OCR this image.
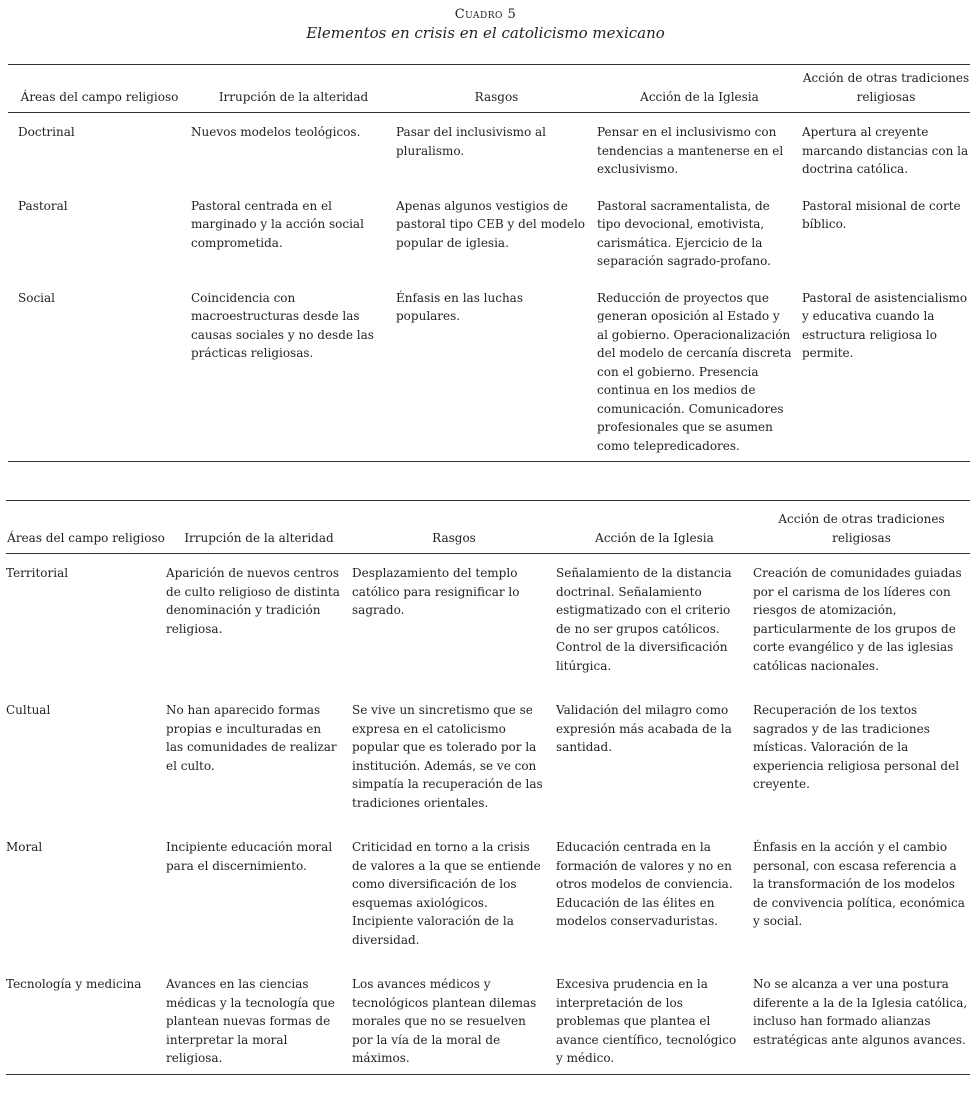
Cuadro 5
Elementos en crisis en el catolicismo mexicano
Áreas del campo religioso	Irrupción de la alteridad	Rasgos	Acción de la Iglesia	Acción de otras tradiciones religiosas
Doctrinal	Nuevos modelos teológicos.	Pasar del inclusivismo al pluralismo.	Pensar en el inclusivismo con tendencias a mantenerse en el exclusivismo.	Apertura al creyente marcando distancias con la doctrina católica.
Pastoral	Pastoral centrada en el marginado y la acción social comprometida.	Apenas algunos vestigios de pastoral tipo CEB y del modelo popular de iglesia.	Pastoral sacramentalista, de tipo devocional, emotivista, carismática. Ejercicio de la separación sagrado-profano.	Pastoral misional de corte bíblico.
Social	Coincidencia con macroestructuras desde las causas sociales y no desde las prácticas religiosas.	Énfasis en las luchas populares.	Reducción de proyectos que generan oposición al Estado y al gobierno. Operacionalización del modelo de cercanía discreta con el gobierno. Presencia continua en los medios de comunicación. Comunicadores profesionales que se asumen como telepredicadores.	Pastoral de asistencialismo y educativa cuando la estructura religiosa lo permite.
Áreas del campo religioso	Irrupción de la alteridad	Rasgos	Acción de la Iglesia	Acción de otras tradiciones religiosas
Territorial	Aparición de nuevos centros de culto religioso de distinta denominación y tradición religiosa.	Desplazamiento del templo católico para resignificar lo sagrado.	Señalamiento de la distancia doctrinal. Señalamiento estigmatizado con el criterio de no ser grupos católicos. Control de la diversificación litúrgica.	Creación de comunidades guiadas por el carisma de los líderes con riesgos de atomización, particularmente de los grupos de corte evangélico y de las iglesias católicas nacionales.
Cultual	No han aparecido formas propias e inculturadas en las comunidades de realizar el culto.	Se vive un sincretismo que se expresa en el catolicismo popular que es tolerado por la institución. Además, se ve con simpatía la recuperación de las tradiciones orientales.	Validación del milagro como expresión más acabada de la santidad.	Recuperación de los textos sagrados y de las tradiciones místicas. Valoración de la experiencia religiosa personal del creyente.
Moral	Incipiente educación moral para el discernimiento.	Criticidad en torno a la crisis de valores a la que se entiende como diversificación de los esquemas axiológicos. Incipiente valoración de la diversidad.	Educación centrada en la formación de valores y no en otros modelos de conviencia. Educación de las élites en modelos conservaduristas.	Énfasis en la acción y el cambio personal, con escasa referencia a la transformación de los modelos de convivencia política, económica y social.
Tecnología y medicina	Avances en las ciencias médicas y la tecnología que plantean nuevas formas de interpretar la moral religiosa.	Los avances médicos y tecnológicos plantean dilemas morales que no se resuelven por la vía de la moral de máximos.	Excesiva prudencia en la interpretación de los problemas que plantea el avance científico, tecnológico y médico.	No se alcanza a ver una postura diferente a la de la Iglesia católica, incluso han formado alianzas estratégicas ante algunos avances.
